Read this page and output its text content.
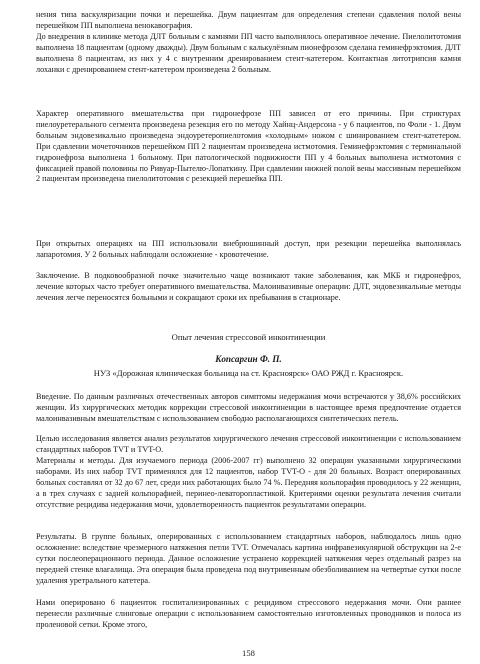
нения типа васкуляризации почки и перешейка. Двум пациентам для определения степени сдавления полой вены перешейком ПП выполнена венокавография.

До внедрения в клинике метода ДЛТ больным с камнями ПП часто выполнялось оперативное лечение. Пиелолитотомия выполнена 18 пациентам (одному дважды). Двум больным с калькулёзным пионефрозом сделана геминефрэктомия. ДЛТ выполнена 8 пациентам, из них у 4 с внутренним дренированием стент-катетером. Контактная литотрипсия камня лоханки с дренированием стент-катетером произведена 2 больным.

Характер оперативного вмешательства при гидронефрозе ПП зависел от его причины. При стриктурах пиелоуретерального сегмента произведена резекция его по методу Хайнц-Андерсона - у 6 пациентов, по Фоли - 1. Двум больным эндовезикально произведена эндоуретеропиелотомия «холодным» ножом с шинированием стент-катетером. При сдавлении мочеточников перешейком ПП 2 пациентам произведена истмотомия. Геминефрэктомия с терминальной гидронефроза выполнена 1 больному. При патологической подвижности ПП у 4 больных выполнена истмотомия с фиксацией правой половины по Ривуар-Пытелю-Лопаткину. При сдавлении нижней полой вены массивным перешейком 2 пациентам произведена пиелолитотомия с резекцией перешейка ПП.

При открытых операциях на ПП использовали внебрюшинный доступ, при резекции перешейка выполнялась лапаротомия. У 2 больных наблюдали осложнение - кровотечение.

Заключение. В подковообразной почке значительно чаще возникают такие заболевания, как МКБ и гидронефроз, лечение которых часто требует оперативного вмешательства. Малоинвазивные операции: ДЛТ, эндовезикальные методы лечения легче переносятся больными и сокращают сроки их пребывания в стационаре.

Опыт лечения стрессовой инконтиненции

Konсаргин Ф. П.

НУЗ «Дорожная клиническая больница на ст. Красноярск» ОАО РЖД г. Красноярск.

Введение. По данным различных отечественных авторов симптомы недержания мочи встречаются у 38,6% российских женщин. Из хирургических методик коррекции стрессовой инконтиненции в настоящее время предпочтение отдается малоинвазивным вмешательствам с использованием свободно располагающихся синтетических петель.

Целью исследования является анализ результатов хирургического лечения стрессовой инконтиненции с использованием стандартных наборов TVT и TVT-O.

Материалы и методы. Для изучаемого периода (2006-2007 гг) выполнено 32 операции указанными хирургическими наборами. Из них набор TVT применялся для 12 пациентов, набор TVT-O - для 20 больных. Возраст оперированных больных составлял от 32 до 67 лет, среди них работающих было 74 %. Передняя кольпорафия проводилось у 22 женщин, а в трех случаях с задней кольпорафией, перинео-леваторопластикой. Критериями оценки результата лечения считали отсутствие рецидива недержания мочи, удовлетворенность пациенток результатами операции.

Результаты. В группе больных, оперированных с использованием стандартных наборов, наблюдалось лишь одно осложнение: вследствие чрезмерного натяжения петли TVT. Отмечалась картина инфравезикулярной обструкции на 2-е сутки послеоперационного периода. Данное осложнение устранено коррекцией натяжения через отдельный разрез на передней стенке влагалища. Эта операция была проведена под внутривенным обезболиванием на четвертые сутки после удаления уретрального катетера.

Нами оперировано 6 пациенток госпитализированных с рецидивом стрессового недержания мочи. Они раннее перенесли различные слинговые операции с использованием самостоятельно изготовленных проводников и полоса из проленовой сетки. Кроме этого,

158
